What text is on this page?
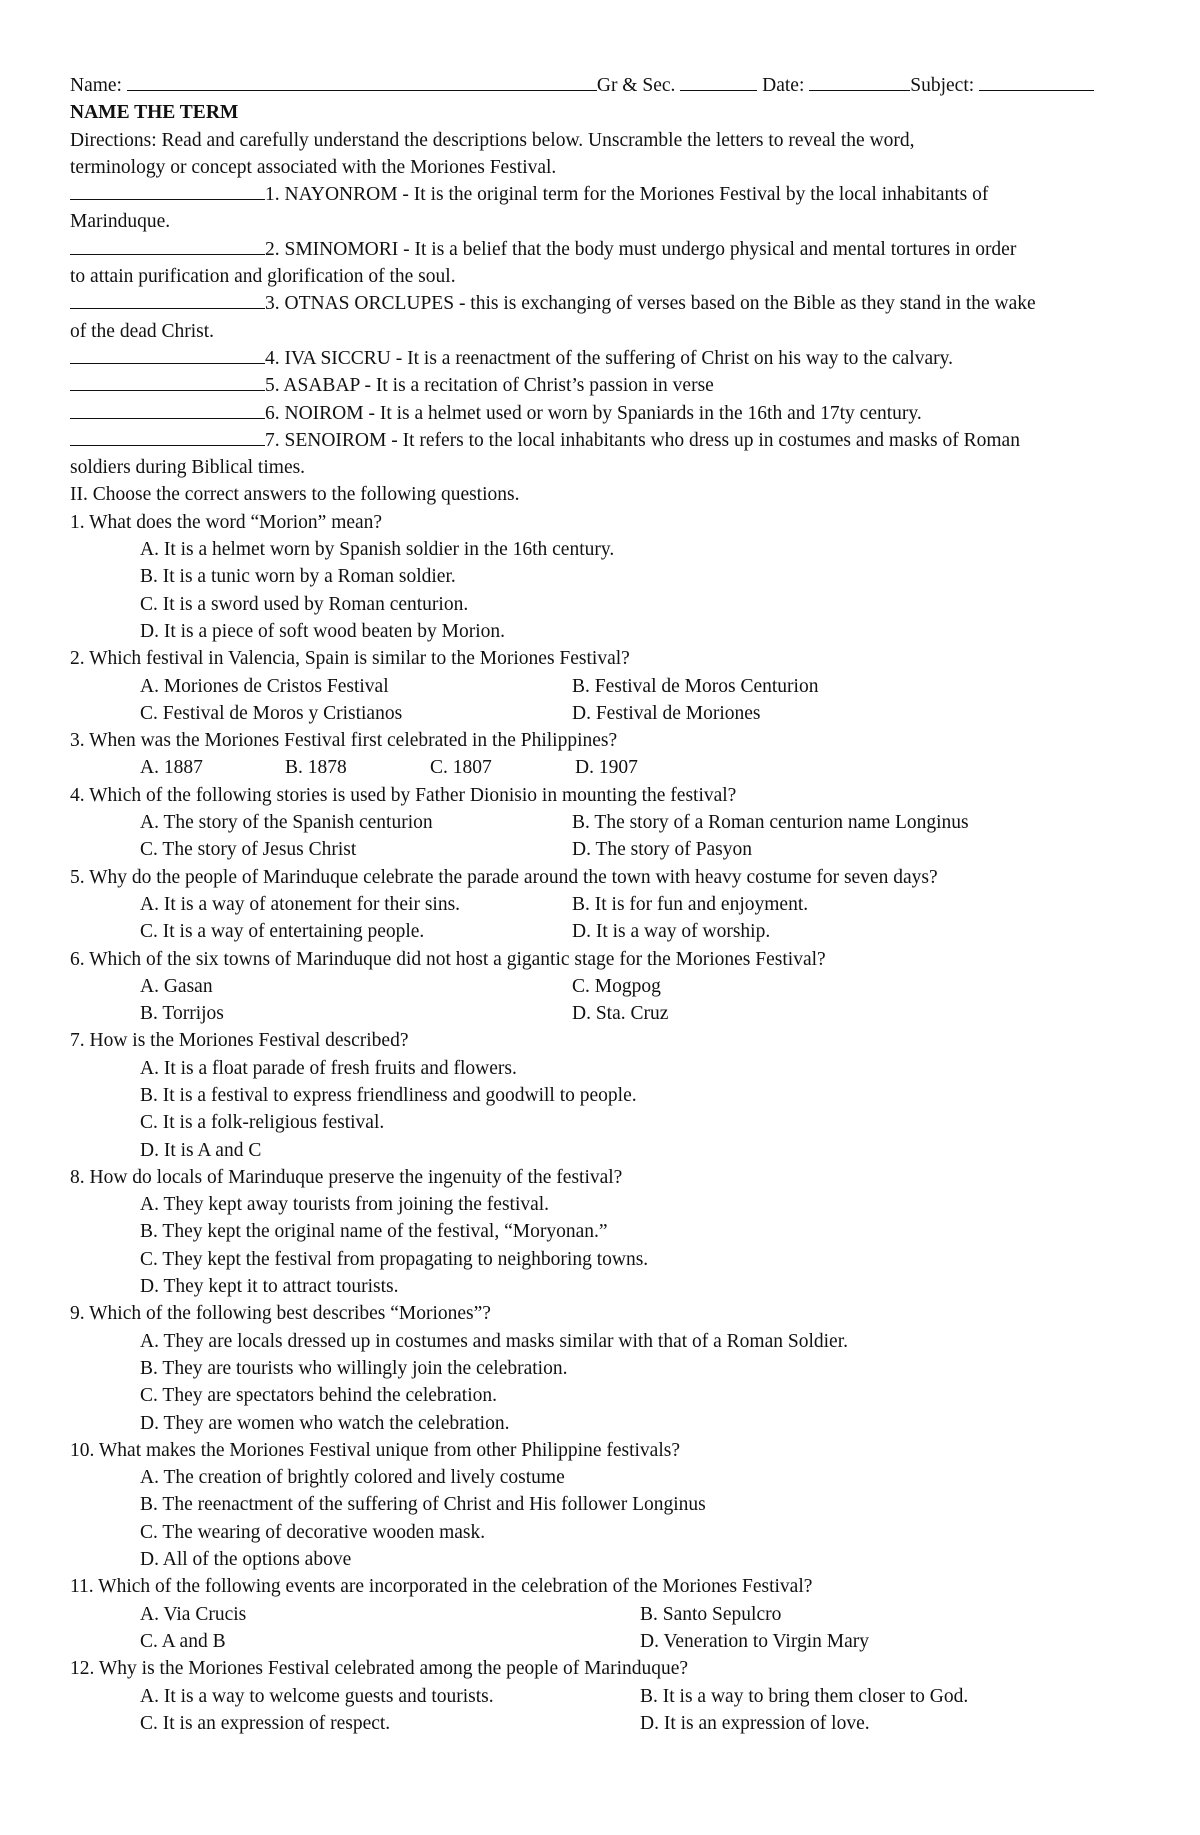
Name:	Gr & Sec.	Date:	Subject:
NAME THE TERM
Directions: Read and carefully understand the descriptions below. Unscramble the letters to reveal the word,
terminology or concept associated with the Moriones Festival.
1. NAYONROM - It is the original term for the Moriones Festival by the local inhabitants of
Marinduque.
2. SMINOMORI - It is a belief that the body must undergo physical and mental tortures in order
to attain purification and glorification of the soul.
3. OTNAS ORCLUPES - this is exchanging of verses based on the Bible as they stand in the wake
of the dead Christ.
4. IVA SICCRU - It is a reenactment of the suffering of Christ on his way to the calvary.
5. ASABAP - It is a recitation of Christ’s passion in verse
6. NOIROM - It is a helmet used or worn by Spaniards in the 16th and 17ty century.
7. SENOIROM - It refers to the local inhabitants who dress up in costumes and masks of Roman
soldiers during Biblical times.
II. Choose the correct answers to the following questions.
1. What does the word “Morion” mean?
A. It is a helmet worn by Spanish soldier in the 16th century.
B. It is a tunic worn by a Roman soldier.
C. It is a sword used by Roman centurion.
D. It is a piece of soft wood beaten by Morion.
2. Which festival in Valencia, Spain is similar to the Moriones Festival?
A. Moriones de Cristos Festival	B. Festival de Moros Centurion
C. Festival de Moros y Cristianos	D. Festival de Moriones
3. When was the Moriones Festival first celebrated in the Philippines?
A. 1887	B. 1878	C. 1807	D. 1907
4. Which of the following stories is used by Father Dionisio in mounting the festival?
A. The story of the Spanish centurion	B. The story of a Roman centurion name Longinus
C. The story of Jesus Christ	D. The story of Pasyon
5. Why do the people of Marinduque celebrate the parade around the town with heavy costume for seven days?
A. It is a way of atonement for their sins.	B. It is for fun and enjoyment.
C. It is a way of entertaining people.	D. It is a way of worship.
6. Which of the six towns of Marinduque did not host a gigantic stage for the Moriones Festival?
A. Gasan	C. Mogpog
B. Torrijos	D. Sta. Cruz
7. How is the Moriones Festival described?
A. It is a float parade of fresh fruits and flowers.
B. It is a festival to express friendliness and goodwill to people.
C. It is a folk-religious festival.
D. It is A and C
8. How do locals of Marinduque preserve the ingenuity of the festival?
A. They kept away tourists from joining the festival.
B. They kept the original name of the festival, “Moryonan.”
C. They kept the festival from propagating to neighboring towns.
D. They kept it to attract tourists.
9. Which of the following best describes “Moriones”?
A. They are locals dressed up in costumes and masks similar with that of a Roman Soldier.
B. They are tourists who willingly join the celebration.
C. They are spectators behind the celebration.
D. They are women who watch the celebration.
10. What makes the Moriones Festival unique from other Philippine festivals?
A. The creation of brightly colored and lively costume
B. The reenactment of the suffering of Christ and His follower Longinus
C. The wearing of decorative wooden mask.
D. All of the options above
11. Which of the following events are incorporated in the celebration of the Moriones Festival?
A. Via Crucis	B. Santo Sepulcro
C. A and B	D. Veneration to Virgin Mary
12. Why is the Moriones Festival celebrated among the people of Marinduque?
A. It is a way to welcome guests and tourists.	B. It is a way to bring them closer to God.
C. It is an expression of respect.	D. It is an expression of love.
